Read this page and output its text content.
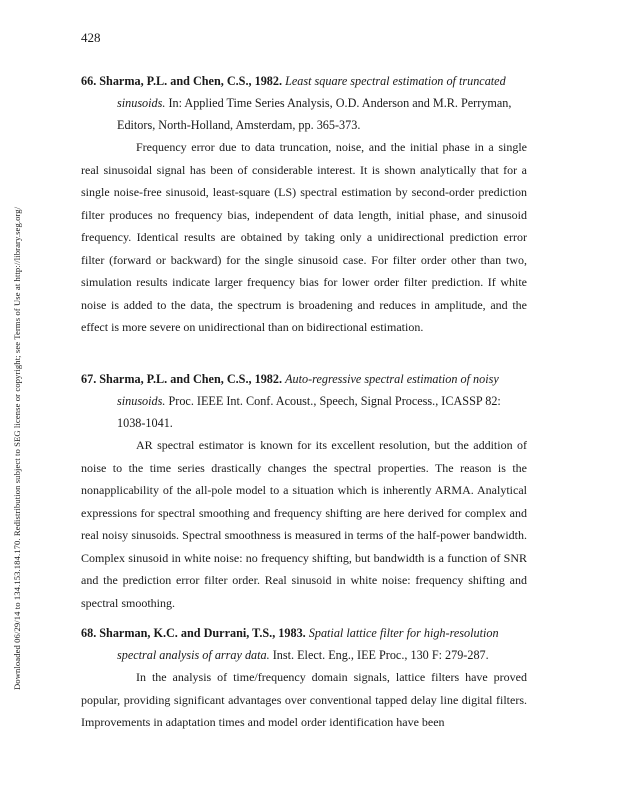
428
Downloaded 06/29/14 to 134.153.184.170. Redistribution subject to SEG license or copyright; see Terms of Use at http://library.seg.org/
66. Sharma, P.L. and Chen, C.S., 1982. Least square spectral estimation of truncated sinusoids. In: Applied Time Series Analysis, O.D. Anderson and M.R. Perryman, Editors, North-Holland, Amsterdam, pp. 365-373.
Frequency error due to data truncation, noise, and the initial phase in a single real sinusoidal signal has been of considerable interest. It is shown analytically that for a single noise-free sinusoid, least-square (LS) spectral estimation by second-order prediction filter produces no frequency bias, independent of data length, initial phase, and sinusoid frequency. Identical results are obtained by taking only a unidirectional prediction error filter (forward or backward) for the single sinusoid case. For filter order other than two, simulation results indicate larger frequency bias for lower order filter prediction. If white noise is added to the data, the spectrum is broadening and reduces in amplitude, and the effect is more severe on unidirectional than on bidirectional estimation.
67. Sharma, P.L. and Chen, C.S., 1982. Auto-regressive spectral estimation of noisy sinusoids. Proc. IEEE Int. Conf. Acoust., Speech, Signal Process., ICASSP 82: 1038-1041.
AR spectral estimator is known for its excellent resolution, but the addition of noise to the time series drastically changes the spectral properties. The reason is the nonapplicability of the all-pole model to a situation which is inherently ARMA. Analytical expressions for spectral smoothing and frequency shifting are here derived for complex and real noisy sinusoids. Spectral smoothness is measured in terms of the half-power bandwidth. Complex sinusoid in white noise: no frequency shifting, but bandwidth is a function of SNR and the prediction error filter order. Real sinusoid in white noise: frequency shifting and spectral smoothing.
68. Sharman, K.C. and Durrani, T.S., 1983. Spatial lattice filter for high-resolution spectral analysis of array data. Inst. Elect. Eng., IEE Proc., 130 F: 279-287.
In the analysis of time/frequency domain signals, lattice filters have proved popular, providing significant advantages over conventional tapped delay line digital filters. Improvements in adaptation times and model order identification have been
